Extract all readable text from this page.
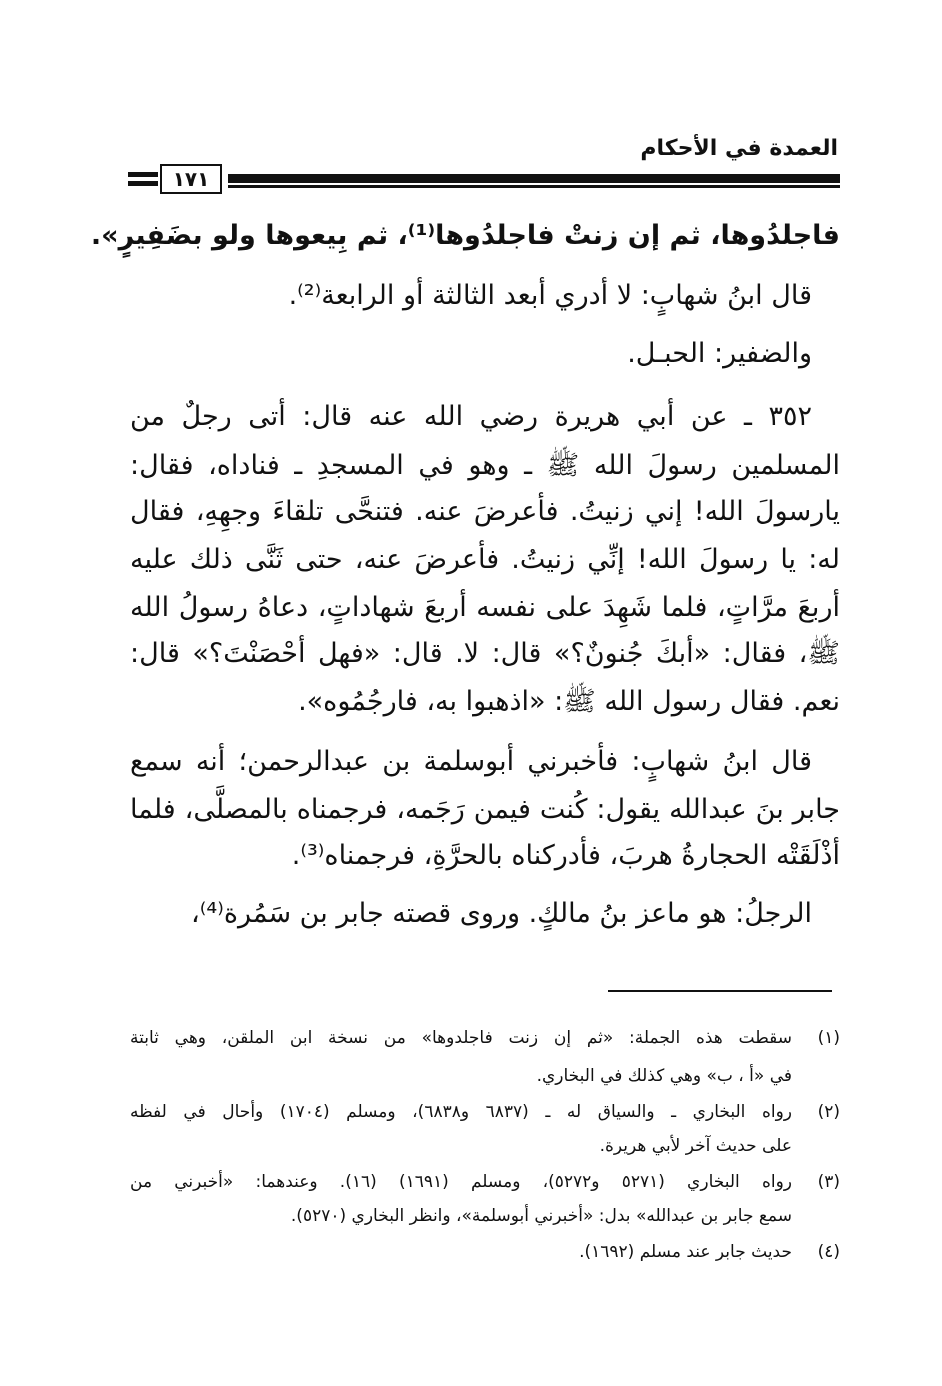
العمدة في الأحكام
١٧١
فاجلدُوها، ثم إن زنتْ فاجلدُوها⁽¹⁾، ثم بِيعوها ولو بضَفِيرٍ».
قال ابنُ شهابٍ: لا أدري أبعد الثالثة أو الرابعة⁽²⁾.
والضفير: الحبـل.
٣٥٢ ـ عن أبي هريرة رضي الله عنه قال: أتى رجلٌ من
المسلمين رسولَ الله ﷺ ـ وهو في المسجدِ ـ فناداه، فقال:
يارسولَ الله! إني زنيتُ. فأعرضَ عنه. فتنحَّى تلقاءَ وجهِهِ، فقال
له: يا رسولَ الله! إنِّي زنيتُ. فأعرضَ عنه، حتى ثَنَّى ذلك عليه
أربعَ مرَّاتٍ، فلما شَهِدَ على نفسه أربعَ شهاداتٍ، دعاهُ رسولُ الله
ﷺ، فقال: «أبكَ جُنونٌ؟» قال: لا. قال: «فهل أحْصَنْتَ؟» قال:
نعم. فقال رسول الله ﷺ: «اذهبوا به، فارجُمُوه».
قال ابنُ شهابٍ: فأخبرني أبوسلمة بن عبدالرحمن؛ أنه سمع
جابر بنَ عبدالله يقول: كُنت فيمن رَجَمه، فرجمناه بالمصلَّى، فلما
أذْلَقَتْه الحجارةُ هربَ، فأدركناه بالحرَّةِ، فرجمناه⁽³⁾.
الرجلُ: هو ماعز بنُ مالكٍ. وروى قصته جابر بن سَمُرة⁽⁴⁾،
(١)
سقطت هذه الجملة: «ثم إن زنت فاجلدوها» من نسخة ابن الملقن، وهي ثابتة
في «أ ، ب» وهي كذلك في البخاري.
(٢)
رواه البخاري ـ والسياق له ـ (٦٨٣٧ و٦٨٣٨)، ومسلم (١٧٠٤) وأحال في لفظه
على حديث آخر لأبي هريرة.
(٣)
رواه البخاري (٥٢٧١ و٥٢٧٢)، ومسلم (١٦٩١) (١٦). وعندهما: «أخبرني من
سمع جابر بن عبدالله» بدل: «أخبرني أبوسلمة»، وانظر البخاري (٥٢٧٠).
(٤)
حديث جابر عند مسلم (١٦٩٢).
